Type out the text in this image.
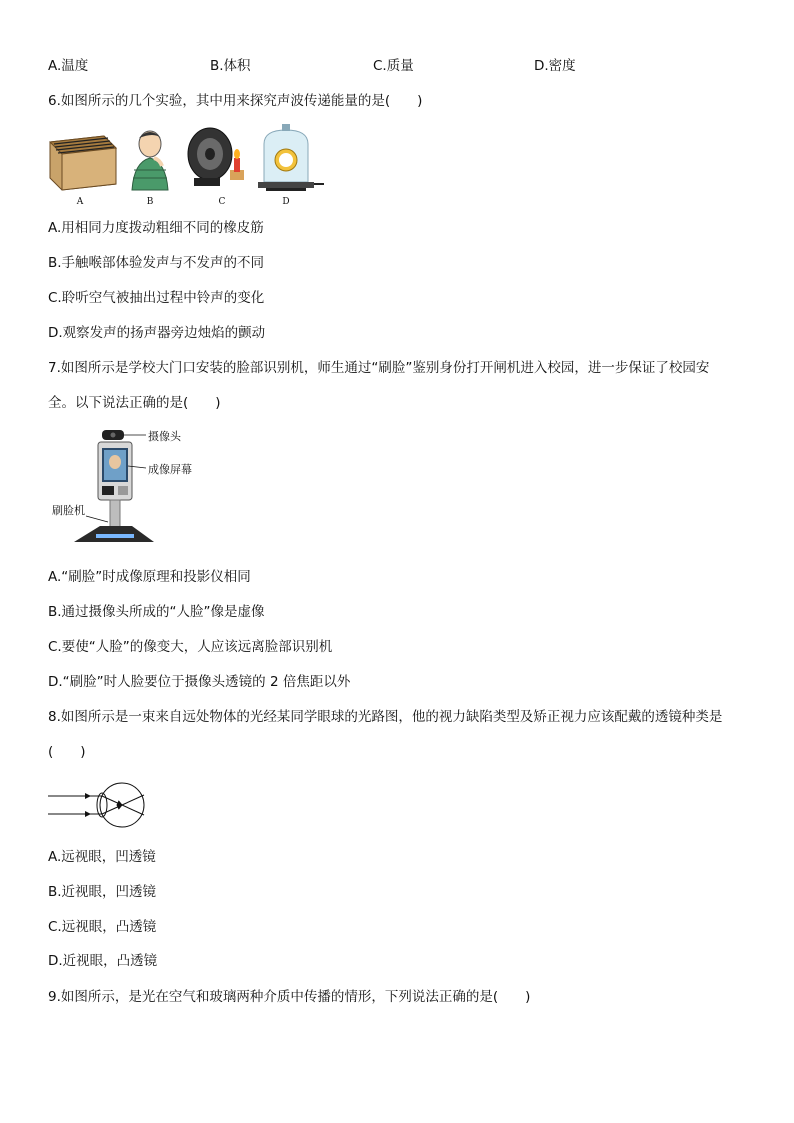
A.温度	B.体积	C.质量	D.密度
6.如图所示的几个实验，其中用来探究声波传递能量的是(　　)
A	B	C	D
A.用相同力度拨动粗细不同的橡皮筋
B.手触喉部体验发声与不发声的不同
C.聆听空气被抽出过程中铃声的变化
D.观察发声的扬声器旁边烛焰的颤动
7.如图所示是学校大门口安装的脸部识别机，师生通过“刷脸”鉴别身份打开闸机进入校园，进一步保证了校园安
全。以下说法正确的是(　　)
摄像头
成像屏幕
刷脸机
A.“刷脸”时成像原理和投影仪相同
B.通过摄像头所成的“人脸”像是虚像
C.要使“人脸”的像变大，人应该远离脸部识别机
D.“刷脸”时人脸要位于摄像头透镜的 2 倍焦距以外
8.如图所示是一束来自远处物体的光经某同学眼球的光路图，他的视力缺陷类型及矫正视力应该配戴的透镜种类是
(　　)
A.远视眼，凹透镜
B.近视眼，凹透镜
C.远视眼，凸透镜
D.近视眼，凸透镜
9.如图所示，是光在空气和玻璃两种介质中传播的情形，下列说法正确的是(　　)
